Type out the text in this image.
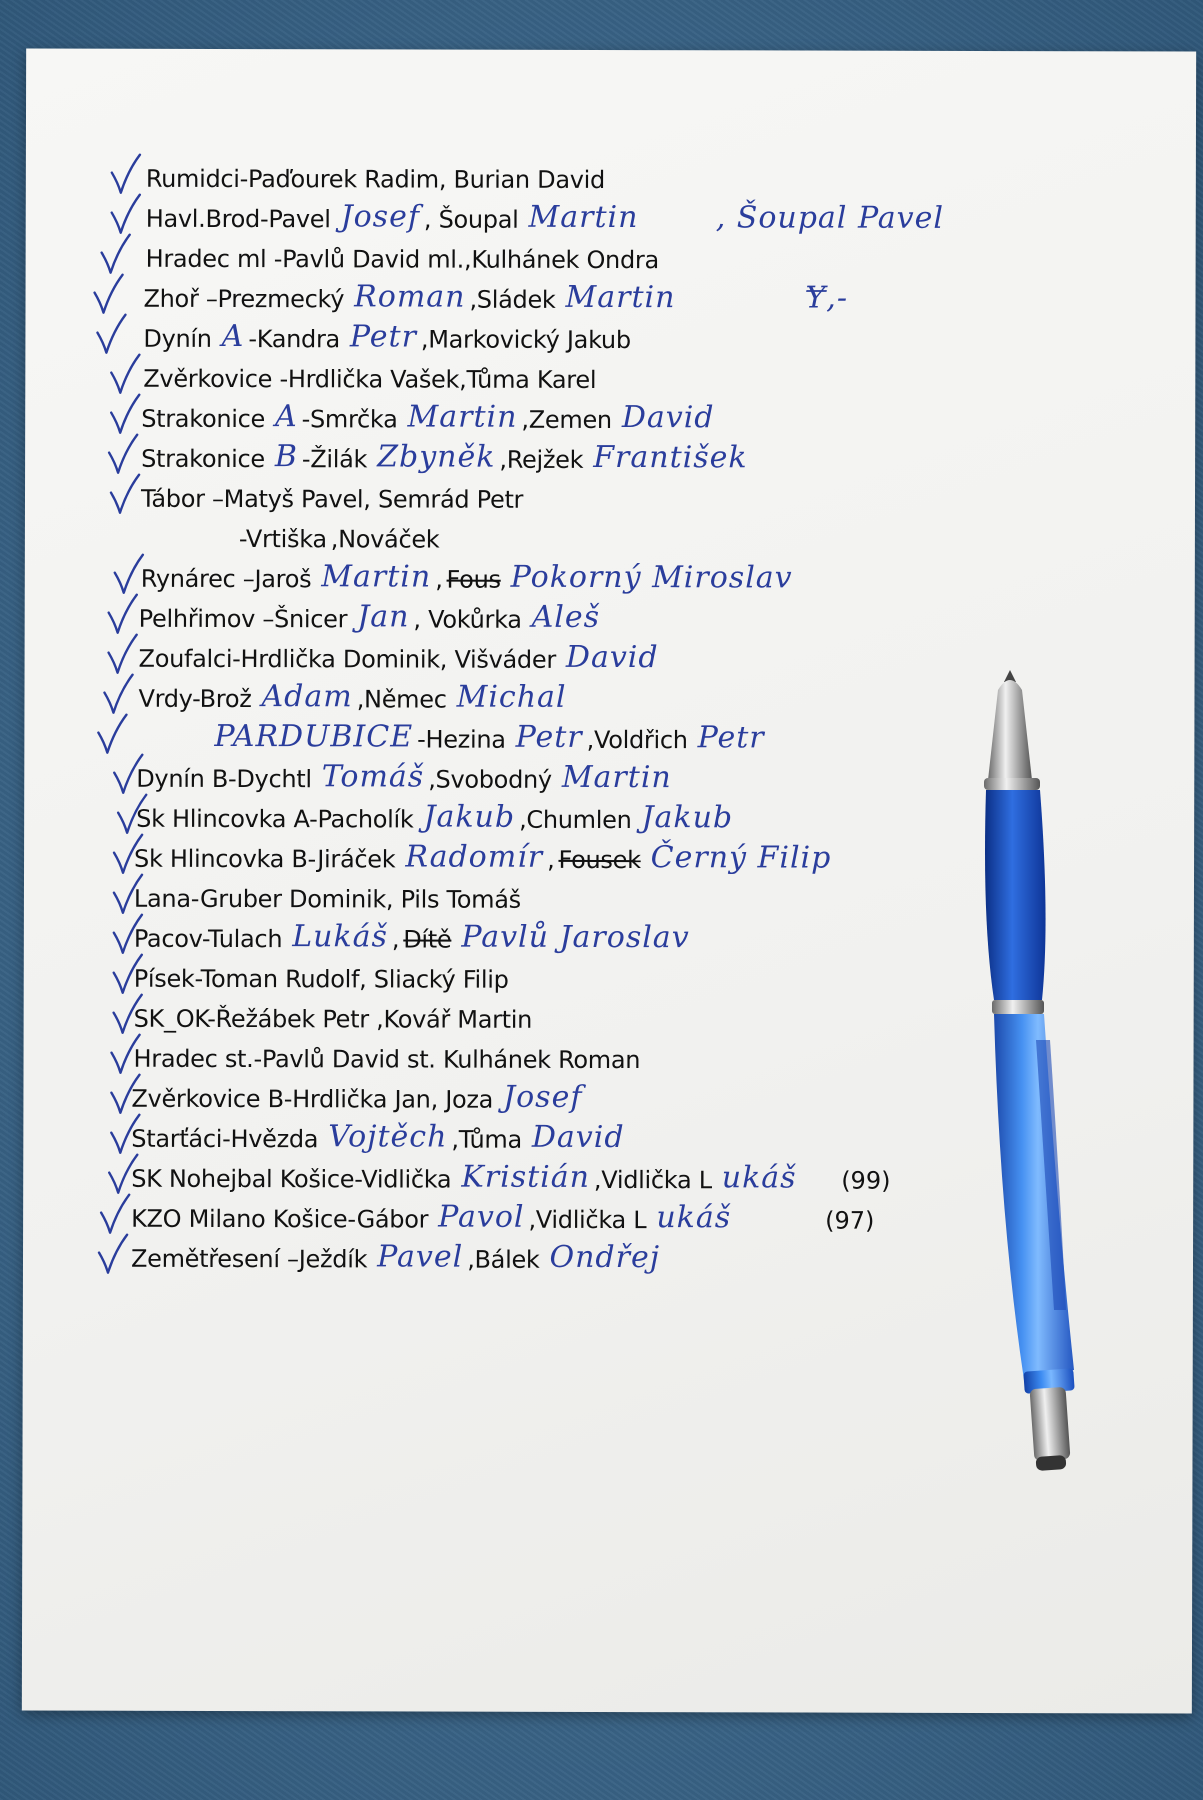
Rumidci-Paďourek Radim, Burian David
Havl.Brod-Pavel Josef , Šoupal Martin	, Šoupal Pavel
Hradec ml -Pavlů David ml.,Kulhánek Ondra
Zhoř –Prezmecký Roman ,Sládek Martin	Ɏ,-
Dynín A -Kandra Petr ,Markovický Jakub
Zvěrkovice -Hrdlička Vašek,Tůma Karel
Strakonice A -Smrčka Martin ,Zemen David
Strakonice B -Žilák Zbyněk ,Rejžek František
Tábor –Matyš Pavel, Semrád Petr
-Vrtiška ,Nováček
Rynárec –Jaroš Martin , Fous Pokorný Miroslav
Pelhřimov –Šnicer Jan , Vokůrka Aleš
Zoufalci-Hrdlička Dominik, Višváder David
Vrdy-Brož Adam ,Němec Michal
PARDUBICE -Hezina Petr ,Voldřich Petr
Dynín B-Dychtl Tomáš ,Svobodný Martin
Sk Hlincovka A-Pacholík Jakub ,Chumlen Jakub
Sk Hlincovka B-Jiráček Radomír , Fousek Černý Filip
Lana-Gruber Dominik, Pils Tomáš
Pacov-Tulach Lukáš , Dítě Pavlů Jaroslav
Písek-Toman Rudolf, Sliacký Filip
SK_OK-Řežábek Petr ,Kovář Martin
Hradec st.-Pavlů David st. Kulhánek Roman
Zvěrkovice B-Hrdlička Jan, Joza Josef
Starťáci-Hvězda Vojtěch ,Tůma David
SK Nohejbal Košice-Vidlička Kristián ,Vidlička L ukáš (99)
KZO Milano Košice-Gábor Pavol ,Vidlička L ukáš	(97)
Zemětřesení –Ježdík Pavel ,Bálek Ondřej
